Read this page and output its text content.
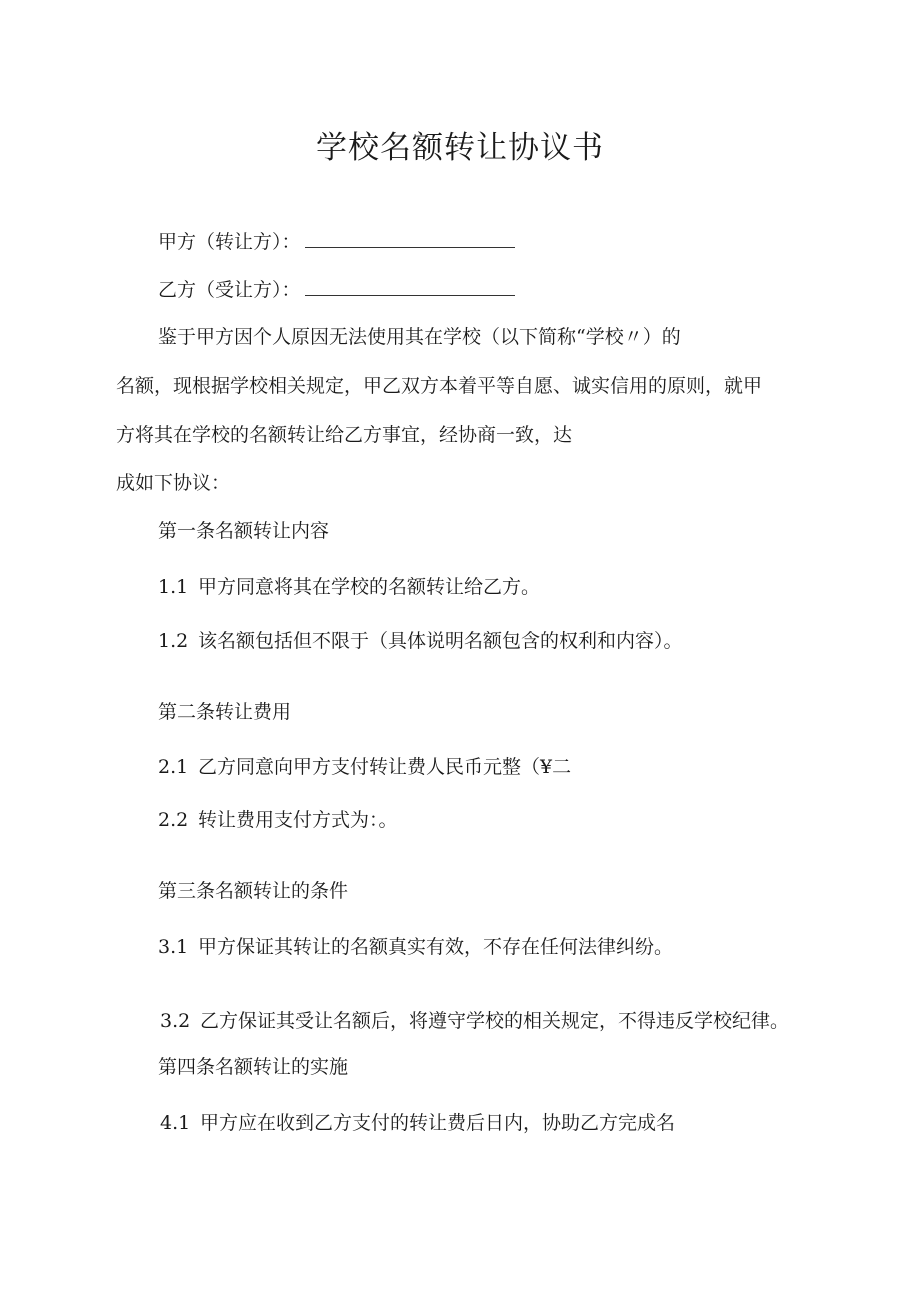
学校名额转让协议书
甲方（转让方）：
乙方（受让方）：
鉴于甲方因个人原因无法使用其在学校（以下简称“学校〃）的
名额，现根据学校相关规定，甲乙双方本着平等自愿、诚实信用的原则，就甲
方将其在学校的名额转让给乙方事宜，经协商一致，达
成如下协议：
第一条名额转让内容
1.1 甲方同意将其在学校的名额转让给乙方。
1.2 该名额包括但不限于（具体说明名额包含的权利和内容）。
第二条转让费用
2.1 乙方同意向甲方支付转让费人民币元整（¥二
2.2 转让费用支付方式为：。
第三条名额转让的条件
3.1 甲方保证其转让的名额真实有效，不存在任何法律纠纷。
3.2 乙方保证其受让名额后，将遵守学校的相关规定，不得违反学校纪律。
第四条名额转让的实施
4.1 甲方应在收到乙方支付的转让费后日内，协助乙方完成名
